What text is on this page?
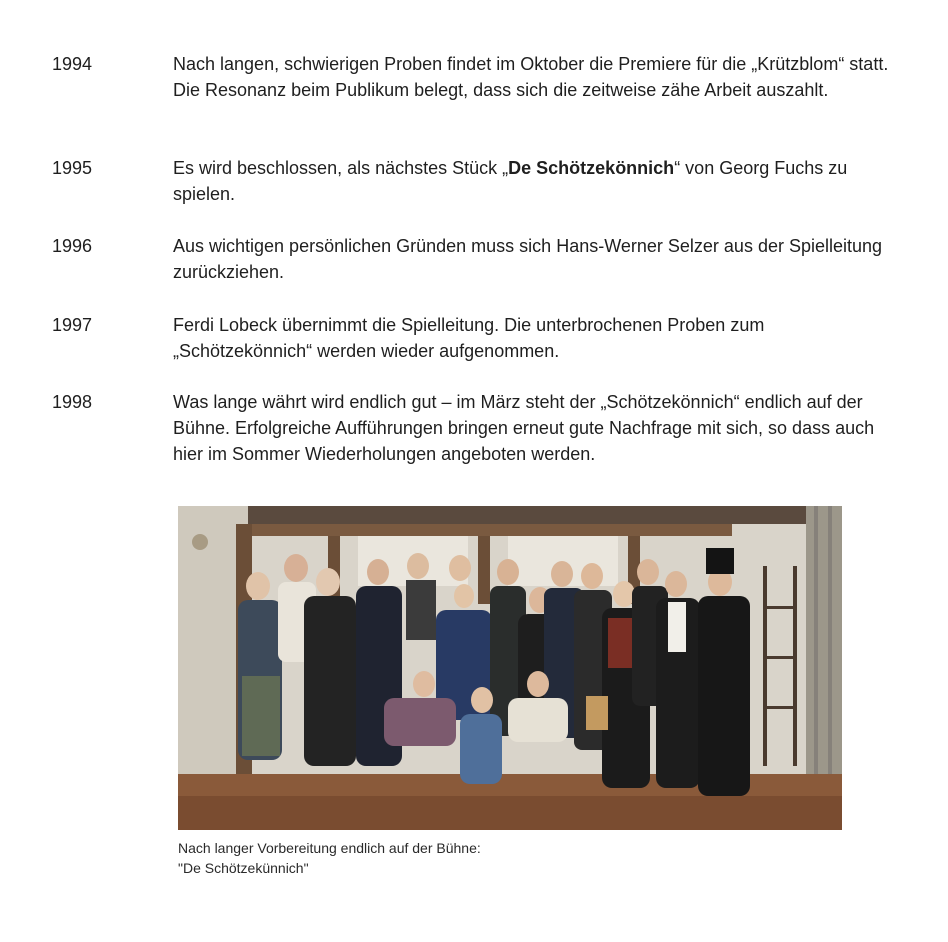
1994	Nach langen, schwierigen Proben findet im Oktober die Premiere für die „Krützblom“ statt. Die Resonanz beim Publikum belegt, dass sich die zeitweise zähe Arbeit auszahlt.
1995	Es wird beschlossen, als nächstes Stück „De Schötzekönnich“ von Georg Fuchs zu spielen.
1996	Aus wichtigen persönlichen Gründen muss sich Hans-Werner Selzer aus der Spielleitung zurückziehen.
1997	Ferdi Lobeck übernimmt die Spielleitung. Die unterbrochenen Proben zum „Schötzekönnich“ werden wieder aufgenommen.
1998	Was lange währt wird endlich gut – im März steht der „Schötzekönnich“ endlich auf der Bühne. Erfolgreiche Aufführungen bringen erneut gute Nachfrage mit sich, so dass auch hier im Sommer Wiederholungen angeboten werden.
Nach langer Vorbereitung endlich auf der Bühne:
"De Schötzekünnich"
